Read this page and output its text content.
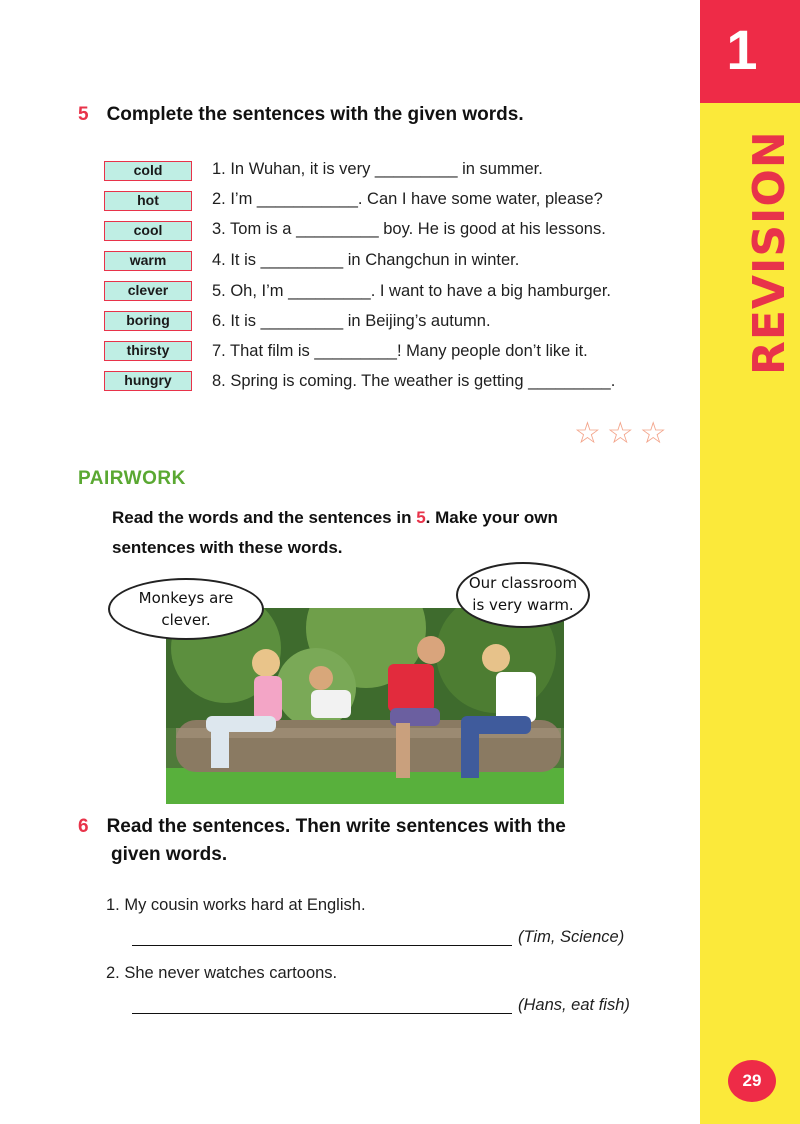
1
REVISION
29
5 Complete the sentences with the given words.
cold
hot
cool
warm
clever
boring
thirsty
hungry
1. In Wuhan, it is very _________ in summer.
2. I’m ___________. Can I have some water, please?
3. Tom is a _________ boy. He is good at his lessons.
4. It is _________ in Changchun in winter.
5. Oh, I’m _________. I want to have a big hamburger.
6. It is _________ in Beijing’s autumn.
7. That film is _________! Many people don’t like it.
8. Spring is coming. The weather is getting _________.
☆☆☆
PAIRWORK
Read the words and the sentences in 5. Make your own
sentences with these words.
Monkeys are
clever.
Our classroom
is very warm.
6 Read the sentences. Then write sentences with the
given words.
1. My cousin works hard at English.
(Tim, Science)
2. She never watches cartoons.
(Hans, eat fish)
